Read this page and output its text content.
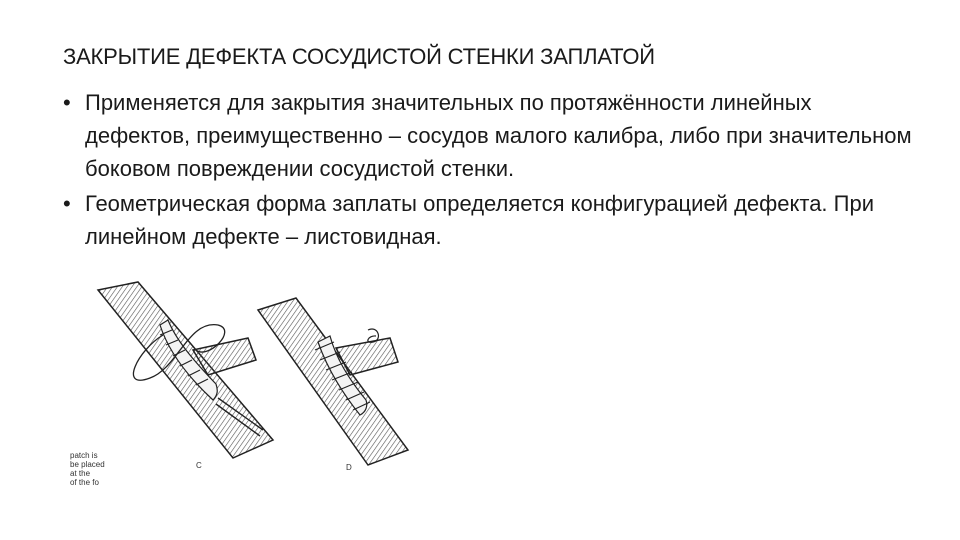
ЗАКРЫТИЕ ДЕФЕКТА СОСУДИСТОЙ СТЕНКИ ЗАПЛАТОЙ
• Применяется для закрытия значительных по протяжённости линейных дефектов, преимущественно – сосудов малого калибра, либо при значительном боковом повреждении сосудистой стенки.
• Геометрическая форма заплаты определяется конфигурацией дефекта. При линейном дефекте – листовидная.
C	D
patch is
be placed
at the
of the fo
